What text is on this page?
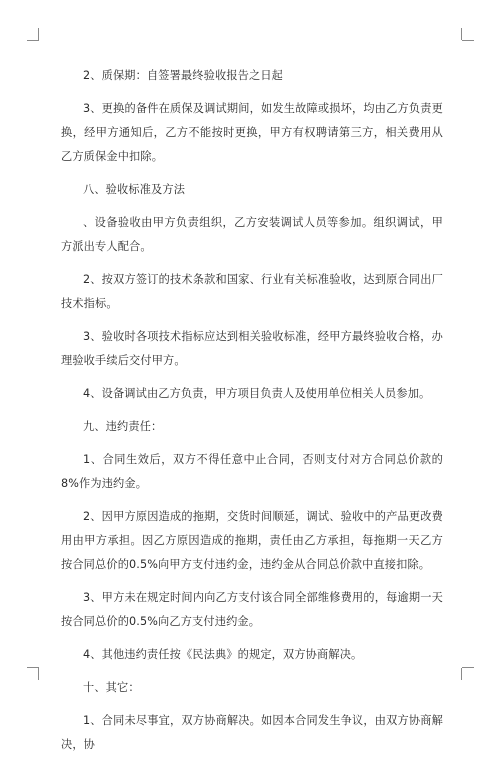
2、质保期：自签署最终验收报告之日起

3、更换的备件在质保及调试期间，如发生故障或损坏，均由乙方负责更换，经甲方通知后，乙方不能按时更换，甲方有权聘请第三方，相关费用从乙方质保金中扣除。

八、验收标准及方法

、设备验收由甲方负责组织，乙方安装调试人员等参加。组织调试，甲方派出专人配合。

2、按双方签订的技术条款和国家、行业有关标准验收，达到原合同出厂技术指标。

3、验收时各项技术指标应达到相关验收标准，经甲方最终验收合格，办理验收手续后交付甲方。

4、设备调试由乙方负责，甲方项目负责人及使用单位相关人员参加。

九、违约责任：

1、合同生效后，双方不得任意中止合同，否则支付对方合同总价款的8%作为违约金。

2、因甲方原因造成的拖期，交货时间顺延，调试、验收中的产品更改费用由甲方承担。因乙方原因造成的拖期，责任由乙方承担，每拖期一天乙方按合同总价的0.5%向甲方支付违约金，违约金从合同总价款中直接扣除。

3、甲方未在规定时间内向乙方支付该合同全部维修费用的，每逾期一天按合同总价的0.5%向乙方支付违约金。

4、其他违约责任按《民法典》的规定，双方协商解决。

十、其它：

1、合同未尽事宜，双方协商解决。如因本合同发生争议，由双方协商解决，协
